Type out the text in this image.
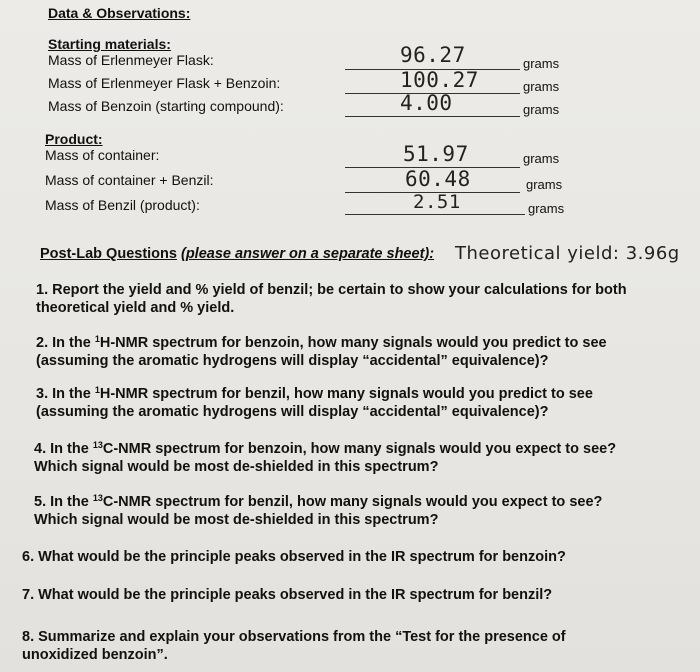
Data & Observations:
Starting materials:
Mass of Erlenmeyer Flask:	96.27	grams
Mass of Erlenmeyer Flask + Benzoin:	100.27	grams
Mass of Benzoin (starting compound):	4.00	grams
Product:
Mass of container:	51.97	grams
Mass of container + Benzil:	60.48	grams
Mass of Benzil (product):	2.51	grams
Post-Lab Questions (please answer on a separate sheet): Theoretical yield: 3.96g
1. Report the yield and % yield of benzil; be certain to show your calculations for both
theoretical yield and % yield.
2. In the $^1$H-NMR spectrum for benzoin, how many signals would you predict to see
(assuming the aromatic hydrogens will display “accidental” equivalence)?
3. In the $^1$H-NMR spectrum for benzil, how many signals would you predict to see
(assuming the aromatic hydrogens will display “accidental” equivalence)?
4. In the $^{13}$C-NMR spectrum for benzoin, how many signals would you expect to see?
Which signal would be most de-shielded in this spectrum?
5. In the $^{13}$C-NMR spectrum for benzil, how many signals would you expect to see?
Which signal would be most de-shielded in this spectrum?
6. What would be the principle peaks observed in the IR spectrum for benzoin?
7. What would be the principle peaks observed in the IR spectrum for benzil?
8. Summarize and explain your observations from the “Test for the presence of
unoxidized benzoin”.
